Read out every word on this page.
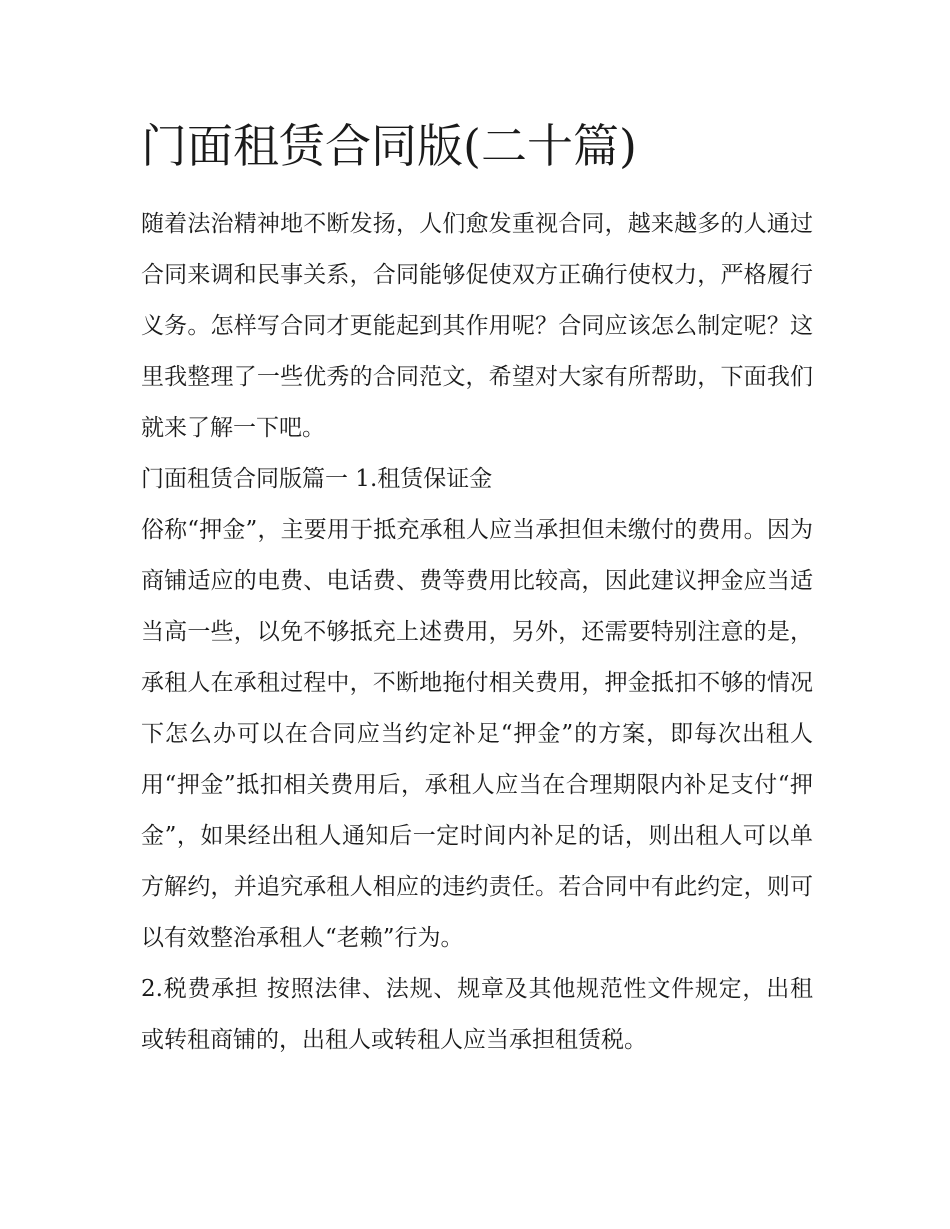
门面租赁合同版(二十篇)

随着法治精神地不断发扬，人们愈发重视合同，越来越多的人通过合同来调和民事关系，合同能够促使双方正确行使权力，严格履行义务。怎样写合同才更能起到其作用呢？合同应该怎么制定呢？这里我整理了一些优秀的合同范文，希望对大家有所帮助，下面我们就来了解一下吧。

门面租赁合同版篇一 1.租赁保证金

俗称“押金”，主要用于抵充承租人应当承担但未缴付的费用。因为商铺适应的电费、电话费、费等费用比较高，因此建议押金应当适当高一些，以免不够抵充上述费用，另外，还需要特别注意的是，承租人在承租过程中，不断地拖付相关费用，押金抵扣不够的情况下怎么办可以在合同应当约定补足“押金”的方案，即每次出租人用“押金”抵扣相关费用后，承租人应当在合理期限内补足支付“押金”，如果经出租人通知后一定时间内补足的话，则出租人可以单方解约，并追究承租人相应的违约责任。若合同中有此约定，则可以有效整治承租人“老赖”行为。

2.税费承担 按照法律、法规、规章及其他规范性文件规定，出租或转租商铺的，出租人或转租人应当承担租赁税。
